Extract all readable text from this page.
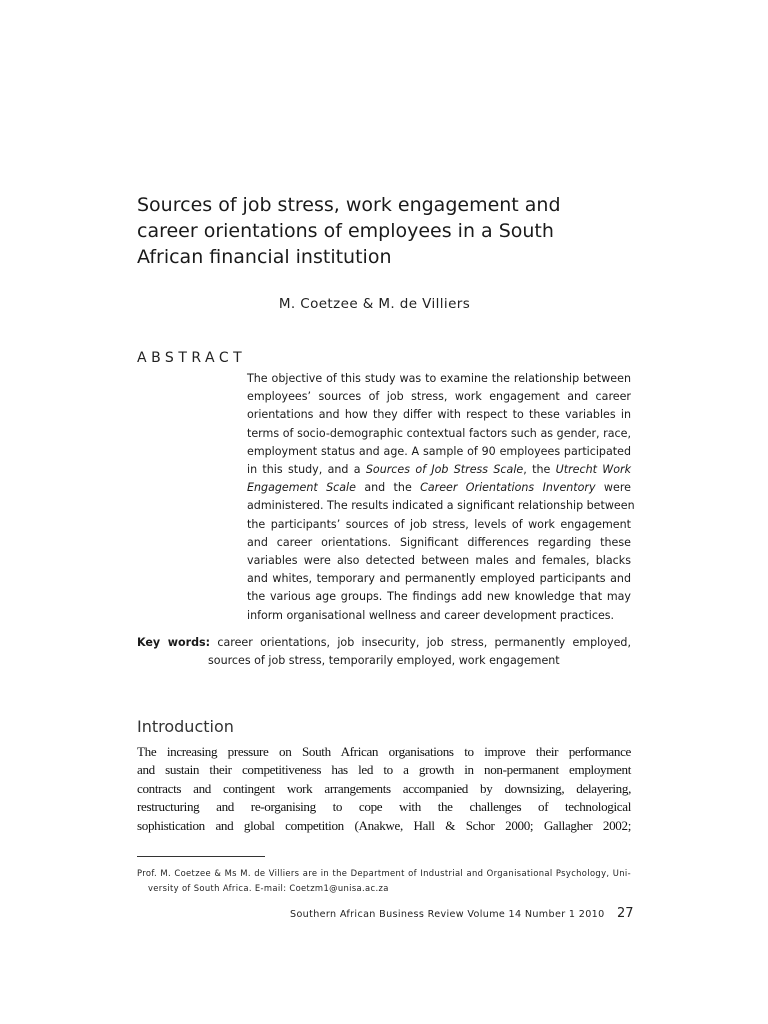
Sources of job stress, work engagement and
career orientations of employees in a South
African financial institution
M. Coetzee & M. de Villiers
ABSTRACT
The objective of this study was to examine the relationship between
employees’ sources of job stress, work engagement and career
orientations and how they differ with respect to these variables in
terms of socio-demographic contextual factors such as gender, race,
employment status and age. A sample of 90 employees participated
in this study, and a Sources of Job Stress Scale, the Utrecht Work
Engagement Scale and the Career Orientations Inventory were
administered. The results indicated a significant relationship between
the participants’ sources of job stress, levels of work engagement
and career orientations. Significant differences regarding these
variables were also detected between males and females, blacks
and whites, temporary and permanently employed participants and
the various age groups. The findings add new knowledge that may
inform organisational wellness and career development practices.
Key words: career orientations, job insecurity, job stress, permanently employed,
sources of job stress, temporarily employed, work engagement
Introduction
The increasing pressure on South African organisations to improve their performance
and sustain their competitiveness has led to a growth in non-permanent employment
contracts and contingent work arrangements accompanied by downsizing, delayering,
restructuring and re-organising to cope with the challenges of technological
sophistication and global competition (Anakwe, Hall & Schor 2000; Gallagher 2002;
Prof. M. Coetzee & Ms M. de Villiers are in the Department of Industrial and Organisational Psychology, Uni-
versity of South Africa. E-mail: Coetzm1@unisa.ac.za
Southern African Business Review Volume 14 Number 1 2010 27
